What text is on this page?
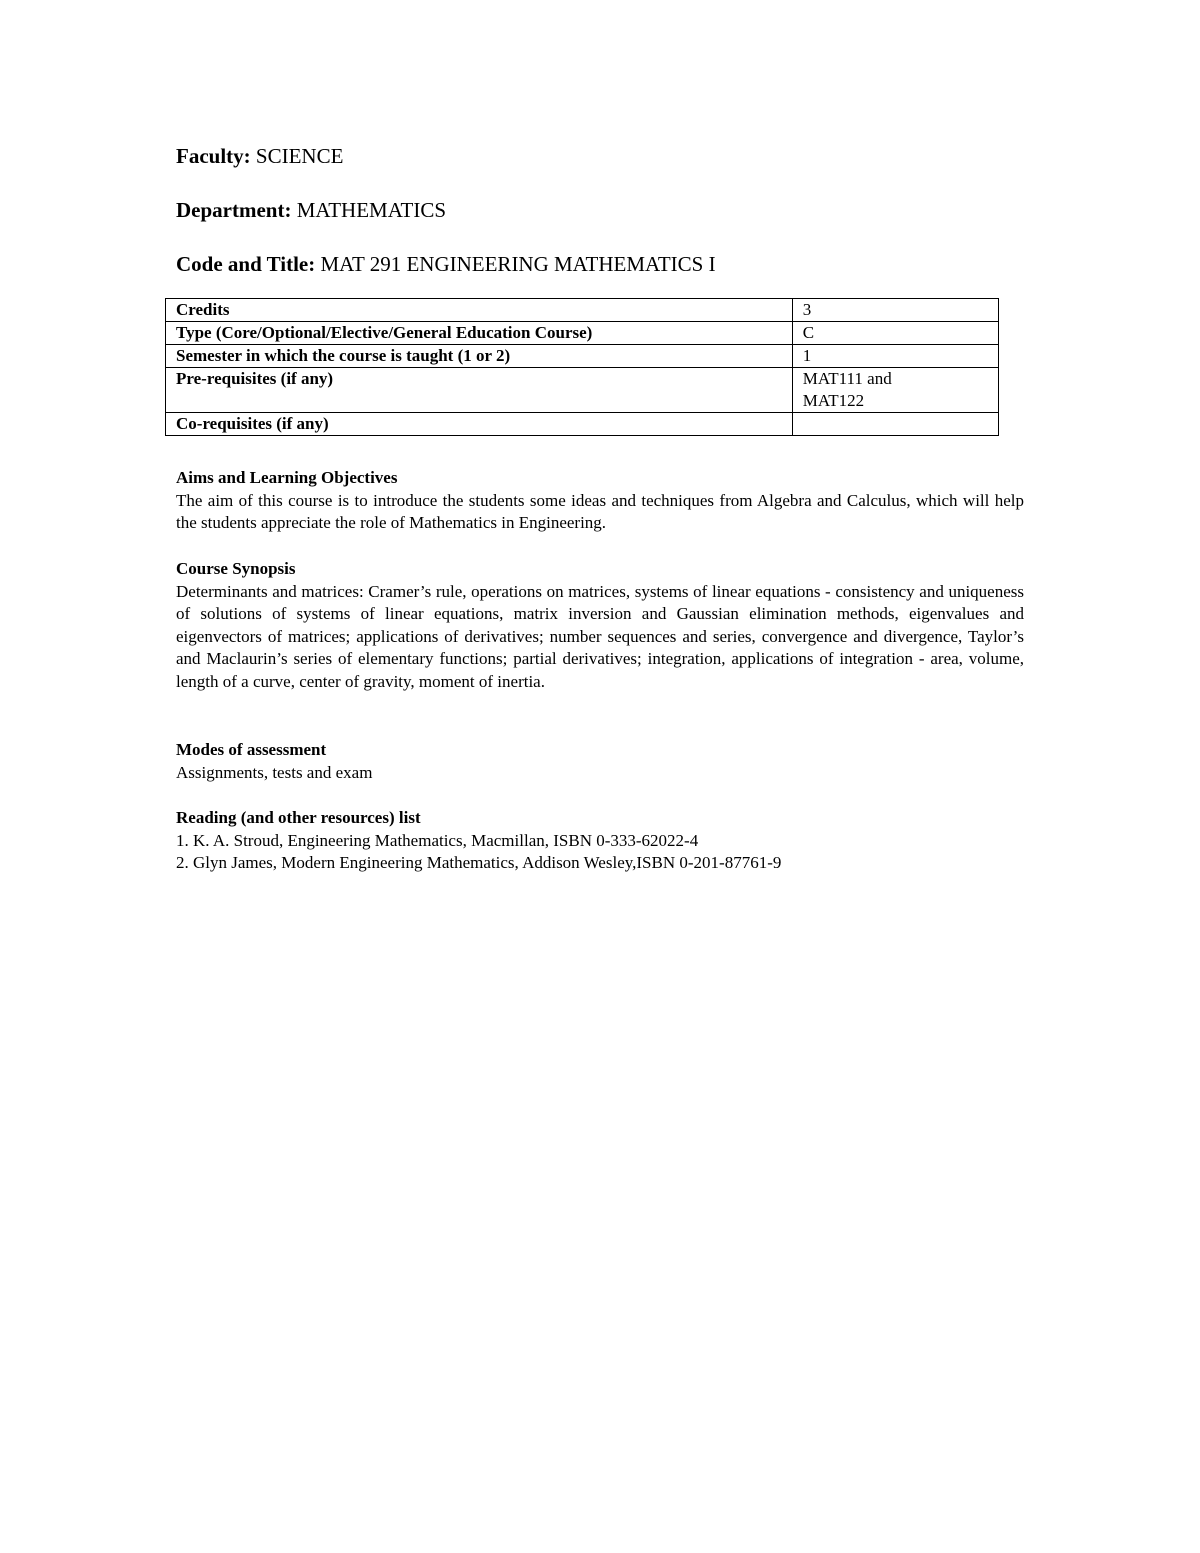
Faculty: SCIENCE
Department: MATHEMATICS
Code and Title: MAT 291 ENGINEERING MATHEMATICS I
Credits	3

Type (Core/Optional/Elective/General Education Course)	C

Semester in which the course is taught (1 or 2)	1

Pre-requisites (if any)	MAT111 and
MAT122

Co-requisites (if any)	

Aims and Learning Objectives
The aim of this course is to introduce the students some ideas and techniques from Algebra and Calculus, which will help the students appreciate the role of Mathematics in Engineering.
Course Synopsis
Determinants and matrices: Cramer’s rule, operations on matrices, systems of linear equations - consistency and uniqueness of solutions of systems of linear equations, matrix inversion and Gaussian elimination methods, eigenvalues and eigenvectors of matrices; applications of derivatives; number sequences and series, convergence and divergence, Taylor’s and Maclaurin’s series of elementary functions; partial derivatives; integration, applications of integration - area, volume, length of a curve, center of gravity, moment of inertia.
Modes of assessment
Assignments, tests and exam
Reading (and other resources) list
1. K. A. Stroud, Engineering Mathematics, Macmillan, ISBN 0-333-62022-4
2. Glyn James, Modern Engineering Mathematics, Addison Wesley,ISBN 0-201-87761-9
